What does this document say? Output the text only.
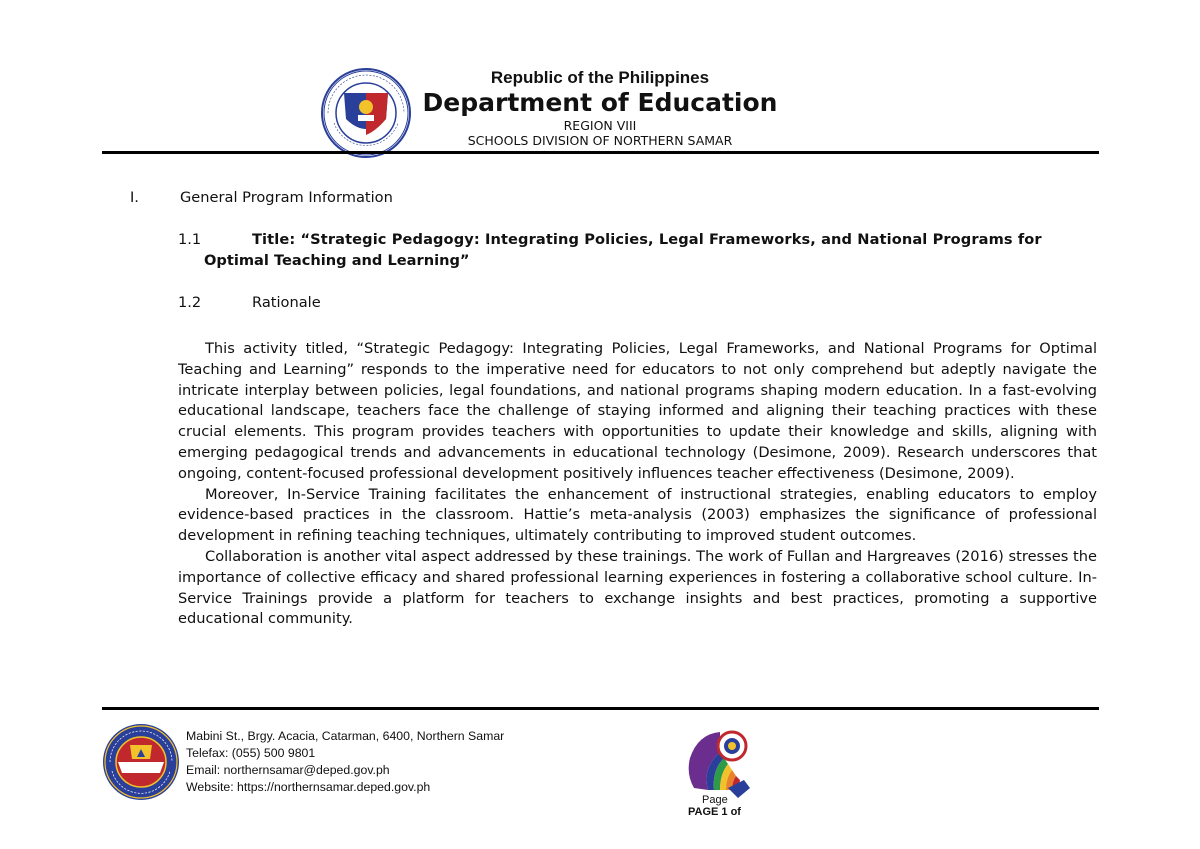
Republic of the Philippines
Department of Education
REGION VIII
SCHOOLS DIVISION OF NORTHERN SAMAR
I.	General Program Information
1.1	Title: “Strategic Pedagogy: Integrating Policies, Legal Frameworks, and National Programs for
Optimal Teaching and Learning”
1.2	Rationale

This activity titled, “Strategic Pedagogy: Integrating Policies, Legal Frameworks, and National Programs for Optimal Teaching and Learning” responds to the imperative need for educators to not only comprehend but adeptly navigate the intricate interplay between policies, legal foundations, and national programs shaping modern education. In a fast-evolving educational landscape, teachers face the challenge of staying informed and aligning their teaching practices with these crucial elements. This program provides teachers with opportunities to update their knowledge and skills, aligning with emerging pedagogical trends and advancements in educational technology (Desimone, 2009). Research underscores that ongoing, content-focused professional development positively influences teacher effectiveness (Desimone, 2009).

Moreover, In-Service Training facilitates the enhancement of instructional strategies, enabling educators to employ evidence-based practices in the classroom. Hattie’s meta-analysis (2003) emphasizes the significance of professional development in refining teaching techniques, ultimately contributing to improved student outcomes.

Collaboration is another vital aspect addressed by these trainings. The work of Fullan and Hargreaves (2016) stresses the importance of collective efficacy and shared professional learning experiences in fostering a collaborative school culture. In-Service Trainings provide a platform for teachers to exchange insights and best practices, promoting a supportive educational community.

Mabini St., Brgy. Acacia, Catarman, 6400, Northern Samar
Telefax: (055) 500 9801
Email: northernsamar@deped.gov.ph
Website: https://northernsamar.deped.gov.ph
Page
PAGE 1 of
